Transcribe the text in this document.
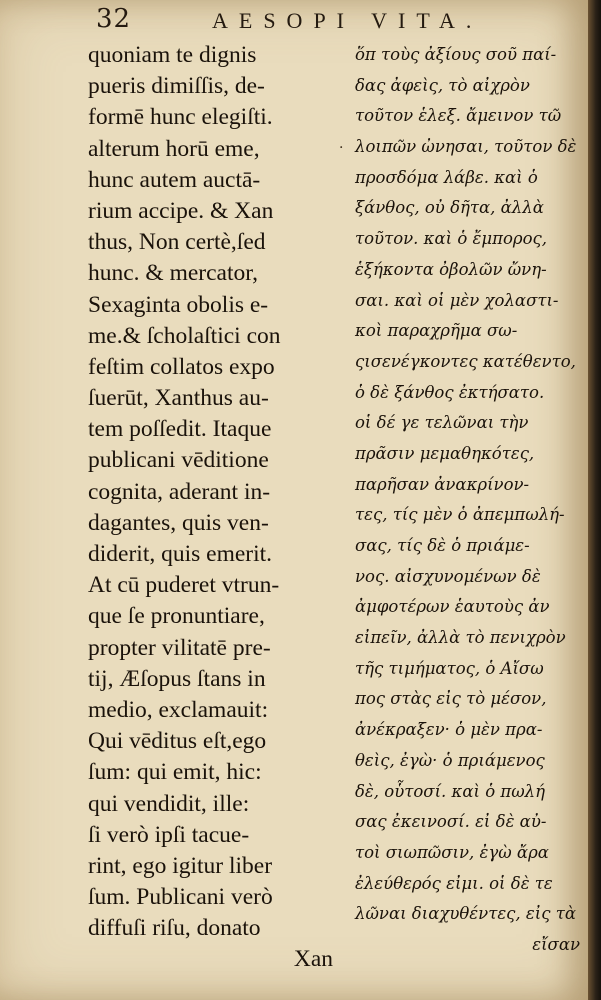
32	AESOPI VITA.
quoniam te dignis
pueris dimiſſis, de-
formē hunc elegiſti.
alterum horū eme,
hunc autem auctā-
rium accipe. & Xan
thus, Non certè,ſed
hunc. & mercator,
Sexaginta obolis e-
me.& ſcholaſtici con
feſtim collatos expo
ſuerūt, Xanthus au-
tem poſſedit. Itaque
publicani vēditione
cognita, aderant in-
dagantes, quis ven-
diderit, quis emerit.
At cū puderet vtrun-
que ſe pronuntiare,
propter vilitatē pre-
tij, Æſopus ſtans in
medio, exclamauit:
Qui vēditus eſt,ego
ſum: qui emit, hic:
qui vendidit, ille:
ſi verò ipſi tacue-
rint, ego igitur liber
ſum. Publicani verò
diffuſi riſu, donato
Xan
·
ὅπ τοὺς ἀξίους σοῦ παί-
δας ἀφεὶς, τὸ αἰχρὸν
τοῦτον ἑλεξ. ἄμεινον τῶ
λοιπῶν ὠνησαι, τοῦτον δὲ
προσδόμα λάβε. καὶ ὁ
ξάνθος, οὐ δῆτα, ἀλλὰ
τοῦτον. καὶ ὁ ἔμπορος,
ἑξήκοντα ὀβολῶν ὤνη-
σαι. καὶ οἱ μὲν χολαστι-
κοὶ παραχρῆμα σω-
ςισενέγκοντες κατέθεντο,
ὁ δὲ ξάνθος ἐκτήσατο.
οἱ δέ γε τελῶναι τὴν
πρᾶσιν μεμαθηκότες,
παρῆσαν ἀνακρίνον-
τες, τίς μὲν ὁ ἀπεμπωλή-
σας, τίς δὲ ὁ πριάμε-
νος. αἰσχυνομένων δὲ
ἀμφοτέρων ἑαυτοὺς ἀν
εἰπεῖν, ἀλλὰ τὸ πενιχρὸν
τῆς τιμήματος, ὁ Αἴσω
πος στὰς εἰς τὸ μέσον,
ἀνέκραξεν· ὁ μὲν πρα-
θεὶς, ἐγὼ· ὁ πριάμενος
δὲ, οὗτοσί. καὶ ὁ πωλή
σας ἐκεινοσί. εἰ δὲ αὐ-
τοὶ σιωπῶσιν, ἐγὼ ἄρα
ἐλεύθερός εἰμι. οἱ δὲ τε
λῶναι διαχυθέντες, εἰς τὰ
εἴσαν
